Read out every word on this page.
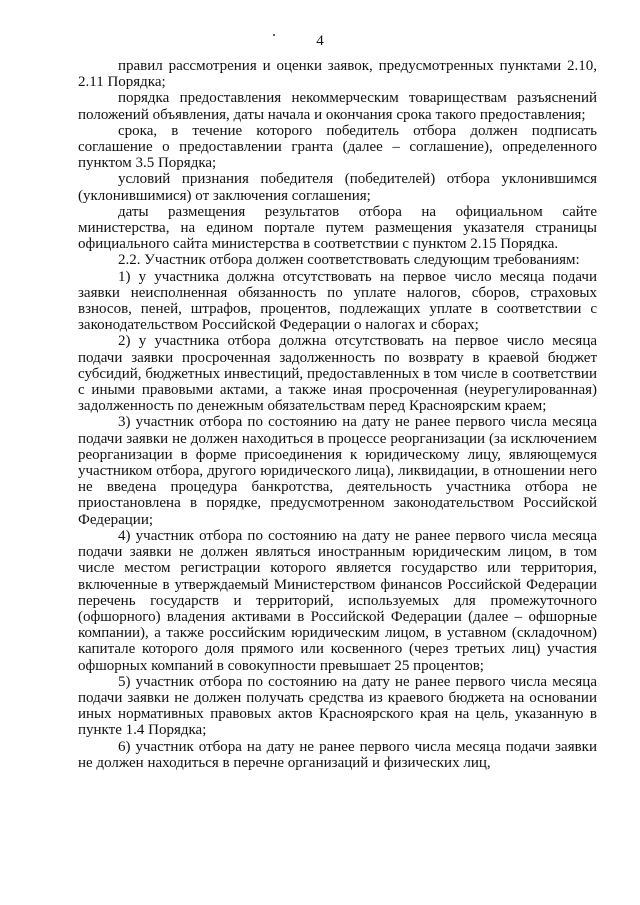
4

правил рассмотрения и оценки заявок, предусмотренных пунктами 2.10, 2.11 Порядка;

порядка предоставления некоммерческим товариществам разъяснений положений объявления, даты начала и окончания срока такого предоставления;

срока, в течение которого победитель отбора должен подписать соглашение о предоставлении гранта (далее – соглашение), определенного пунктом 3.5 Порядка;

условий признания победителя (победителей) отбора уклонившимся (уклонившимися) от заключения соглашения;

даты размещения результатов отбора на официальном сайте министерства, на едином портале путем размещения указателя страницы официального сайта министерства в соответствии с пунктом 2.15 Порядка.

2.2. Участник отбора должен соответствовать следующим требованиям:

1) у участника должна отсутствовать на первое число месяца подачи заявки неисполненная обязанность по уплате налогов, сборов, страховых взносов, пеней, штрафов, процентов, подлежащих уплате в соответствии с законодательством Российской Федерации о налогах и сборах;

2) у участника отбора должна отсутствовать на первое число месяца подачи заявки просроченная задолженность по возврату в краевой бюджет субсидий, бюджетных инвестиций, предоставленных в том числе в соответствии с иными правовыми актами, а также иная просроченная (неурегулированная) задолженность по денежным обязательствам перед Красноярским краем;

3) участник отбора по состоянию на дату не ранее первого числа месяца подачи заявки не должен находиться в процессе реорганизации (за исключением реорганизации в форме присоединения к юридическому лицу, являющемуся участником отбора, другого юридического лица), ликвидации, в отношении него не введена процедура банкротства, деятельность участника отбора не приостановлена в порядке, предусмотренном законодательством Российской Федерации;

4) участник отбора по состоянию на дату не ранее первого числа месяца подачи заявки не должен являться иностранным юридическим лицом, в том числе местом регистрации которого является государство или территория, включенные в утверждаемый Министерством финансов Российской Федерации перечень государств и территорий, используемых для промежуточного (офшорного) владения активами в Российской Федерации (далее – офшорные компании), а также российским юридическим лицом, в уставном (складочном) капитале которого доля прямого или косвенного (через третьих лиц) участия офшорных компаний в совокупности превышает 25 процентов;

5) участник отбора по состоянию на дату не ранее первого числа месяца подачи заявки не должен получать средства из краевого бюджета на основании иных нормативных правовых актов Красноярского края на цель, указанную в пункте 1.4 Порядка;

6) участник отбора на дату не ранее первого числа месяца подачи заявки не должен находиться в перечне организаций и физических лиц,
